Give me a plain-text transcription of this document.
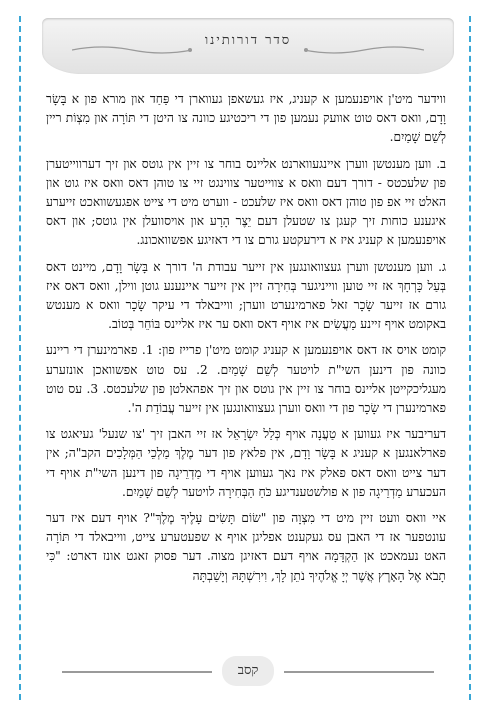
סדר דורותינו

ווידער מיט'ן אויפנעמען א קעניג, איז געשאפן געווארן די פַּחַד און מורא פון א בָּשָׂר וָדָם, וואס דאס טוט אוועק נעמען פון די ריכטיגע כוונה צו היטן די תּוֹרָה און מִצְוֹת ריין לְשֵׁם שָׁמַיִם.

ב. ווען מענטשן ווערן איינגעווארנט אליינס בוחר צו זיין אין גוטס און זיך דערווייטערן פון שלעכטס - דורך דעם וואס א צווייטער צווינגט זיי צו טוהן דאס וואס איז גוט און האלט זיי אפ פון טוהן דאס וואס איז שלעכט - ווערט מיט די צייט אפגעשוואכט זייערע איגענע כוחות זיך קעגן צו שטעלן דעם יֵצֶר הָרָע און אויסוועלן אין גוטס; און דאס אויפנעמען א קעניג איז א דירעקטע גורם צו די דאזיגע אפשוואכונג.

ג. ווען מענטשן ווערן געצוואונגען אין זייער עבודת ה' דורך א בָּשָׂר וָדָם, מיינט דאס בְּעַל כָּרְחָךְ אז זיי טוען ווייניגער בְּחִירָה זיין אין זייער איינענע גוטן ווילן, וואס דאס איז גורם אז זייער שָׂכָר זאל פארמינערט ווערן; ווייבאלד די עיקר שָׂכָר וואס א מענטש באקומט אויף זיינע מַעֲשִׂים איז אויף דאס וואס ער איז אליינס בּוֹחֵר בְּטוֹב.

קומט אויס אז דאס אויפנעמען א קעניג קומט מיט'ן פרייז פון: 1. פארמינערן די ריינע כוונה פון דינען השי"ת לויטער לְשֵׁם שָׁמַיִם. 2. עס טוט אפשוואכן אונזערע מעגליכקייטן אליינס בוחר צו זיין אין גוטס און זיך אפהאלטן פון שלעכטס. 3. עס טוט פארמינערן די שָׂכָר פון די וואס ווערן געצוואונגען אין זייער עֲבוֹדַת ה'.

דעריבער איז געווען א טַעֲנָה אויף כְּלַל יִשְׂרָאֵל אז זיי האבן זיך 'צו שנעל' געיאגט צו פארלאנגען א קעניג א בָּשָׂר וָדָם, אין פלאץ פון דער מֶלֶךְ מַלְכֵי הַמְּלָכִים הקב"ה; אין דער צייט וואס דאס פאלק איז נאך געווען אויף די מַדְרֵיגָה פון דינען השי"ת אויף די העכערע מַדְרֵיגָה פון א פולשטענדיגע כֹּחַ הַבְּחִירָה לויטער לְשֵׁם שָׁמַיִם.

איי וואס וועט זיין מיט די מִצְוָה פון "שׂוֹם תָּשִׂים עָלֶיךָ מֶלֶךְ"? אויף דעם איז דער עונטפער אז די האבן עס געקענט אפליגן אויף א שפעטערע צייט, ווייבאלד די תּוֹרָה האט נעמאכט אן הַקְדָּמָה אויף דעם דאזיגן מצוה. דער פסוק זאגט אונז דארט: "כִּי תָבֹא אֶל הָאָרֶץ אֲשֶׁר יְיָ אֱלֹהֶיךָ נֹתֵן לָךְ, וִירִשְׁתָּהּ וְיָשַׁבְתָּה

קסב
